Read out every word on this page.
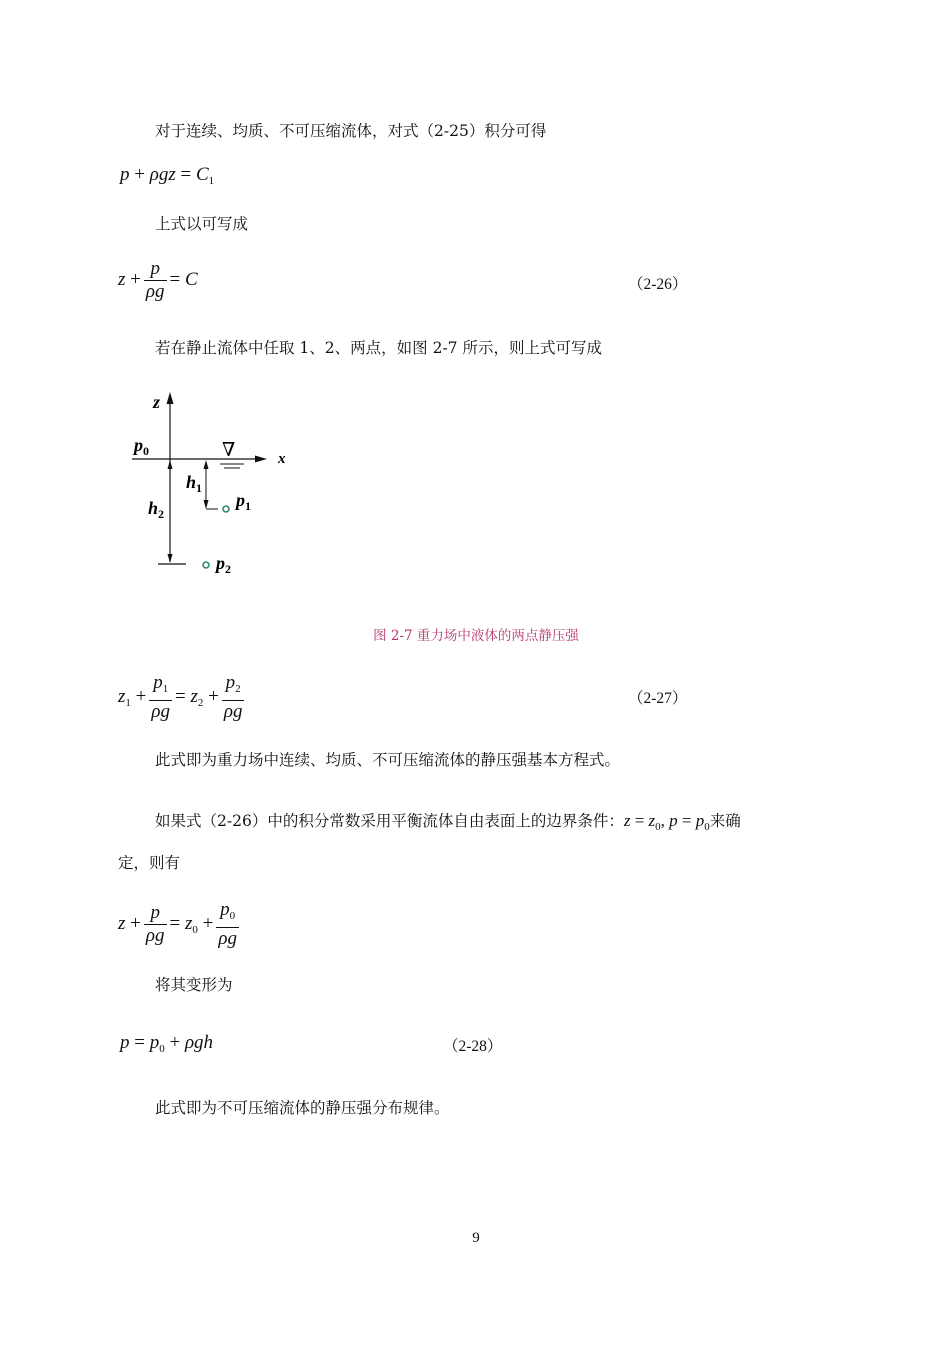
对于连续、均质、不可压缩流体，对式（2-25）积分可得
$p + \rho gz = C_1$
上式以可写成
$z + \frac{p}{\rho g} = C$	（2-26）
若在静止流体中任取 1、2、两点，如图 2-7 所示，则上式可写成
z
x
$p_0$	∇
$h_1$
$p_1$
$h_2$
$p_2$
图 2-7 重力场中液体的两点静压强
$z_1 + \frac{p_1}{\rho g} = z_2 + \frac{p_2}{\rho g}$	（2-27）
此式即为重力场中连续、均质、不可压缩流体的静压强基本方程式。
如果式（2-26）中的积分常数采用平衡流体自由表面上的边界条件：$z = z_0$, $p = p_0$来确
定，则有
$z + \frac{p}{\rho g} = z_0 + \frac{p_0}{\rho g}$
将其变形为
$p = p_0 + \rho gh$	（2-28）
此式即为不可压缩流体的静压强分布规律。
9
